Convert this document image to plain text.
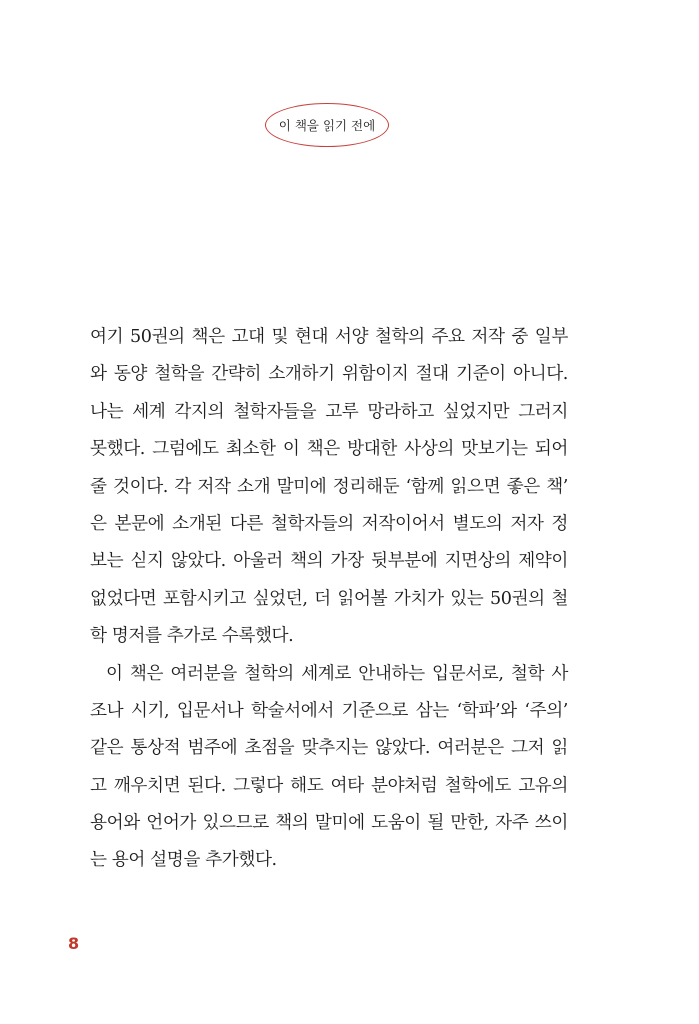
이 책을 읽기 전에
여기 50권의 책은 고대 및 현대 서양 철학의 주요 저작 중 일부
와 동양 철학을 간략히 소개하기 위함이지 절대 기준이 아니다.
나는 세계 각지의 철학자들을 고루 망라하고 싶었지만 그러지
못했다. 그럼에도 최소한 이 책은 방대한 사상의 맛보기는 되어
줄 것이다. 각 저작 소개 말미에 정리해둔 ‘함께 읽으면 좋은 책’
은 본문에 소개된 다른 철학자들의 저작이어서 별도의 저자 정
보는 싣지 않았다. 아울러 책의 가장 뒷부분에 지면상의 제약이
없었다면 포함시키고 싶었던, 더 읽어볼 가치가 있는 50권의 철
학 명저를 추가로 수록했다.
이 책은 여러분을 철학의 세계로 안내하는 입문서로, 철학 사
조나 시기, 입문서나 학술서에서 기준으로 삼는 ‘학파’와 ‘주의’
같은 통상적 범주에 초점을 맞추지는 않았다. 여러분은 그저 읽
고 깨우치면 된다. 그렇다 해도 여타 분야처럼 철학에도 고유의
용어와 언어가 있으므로 책의 말미에 도움이 될 만한, 자주 쓰이
는 용어 설명을 추가했다.
8
